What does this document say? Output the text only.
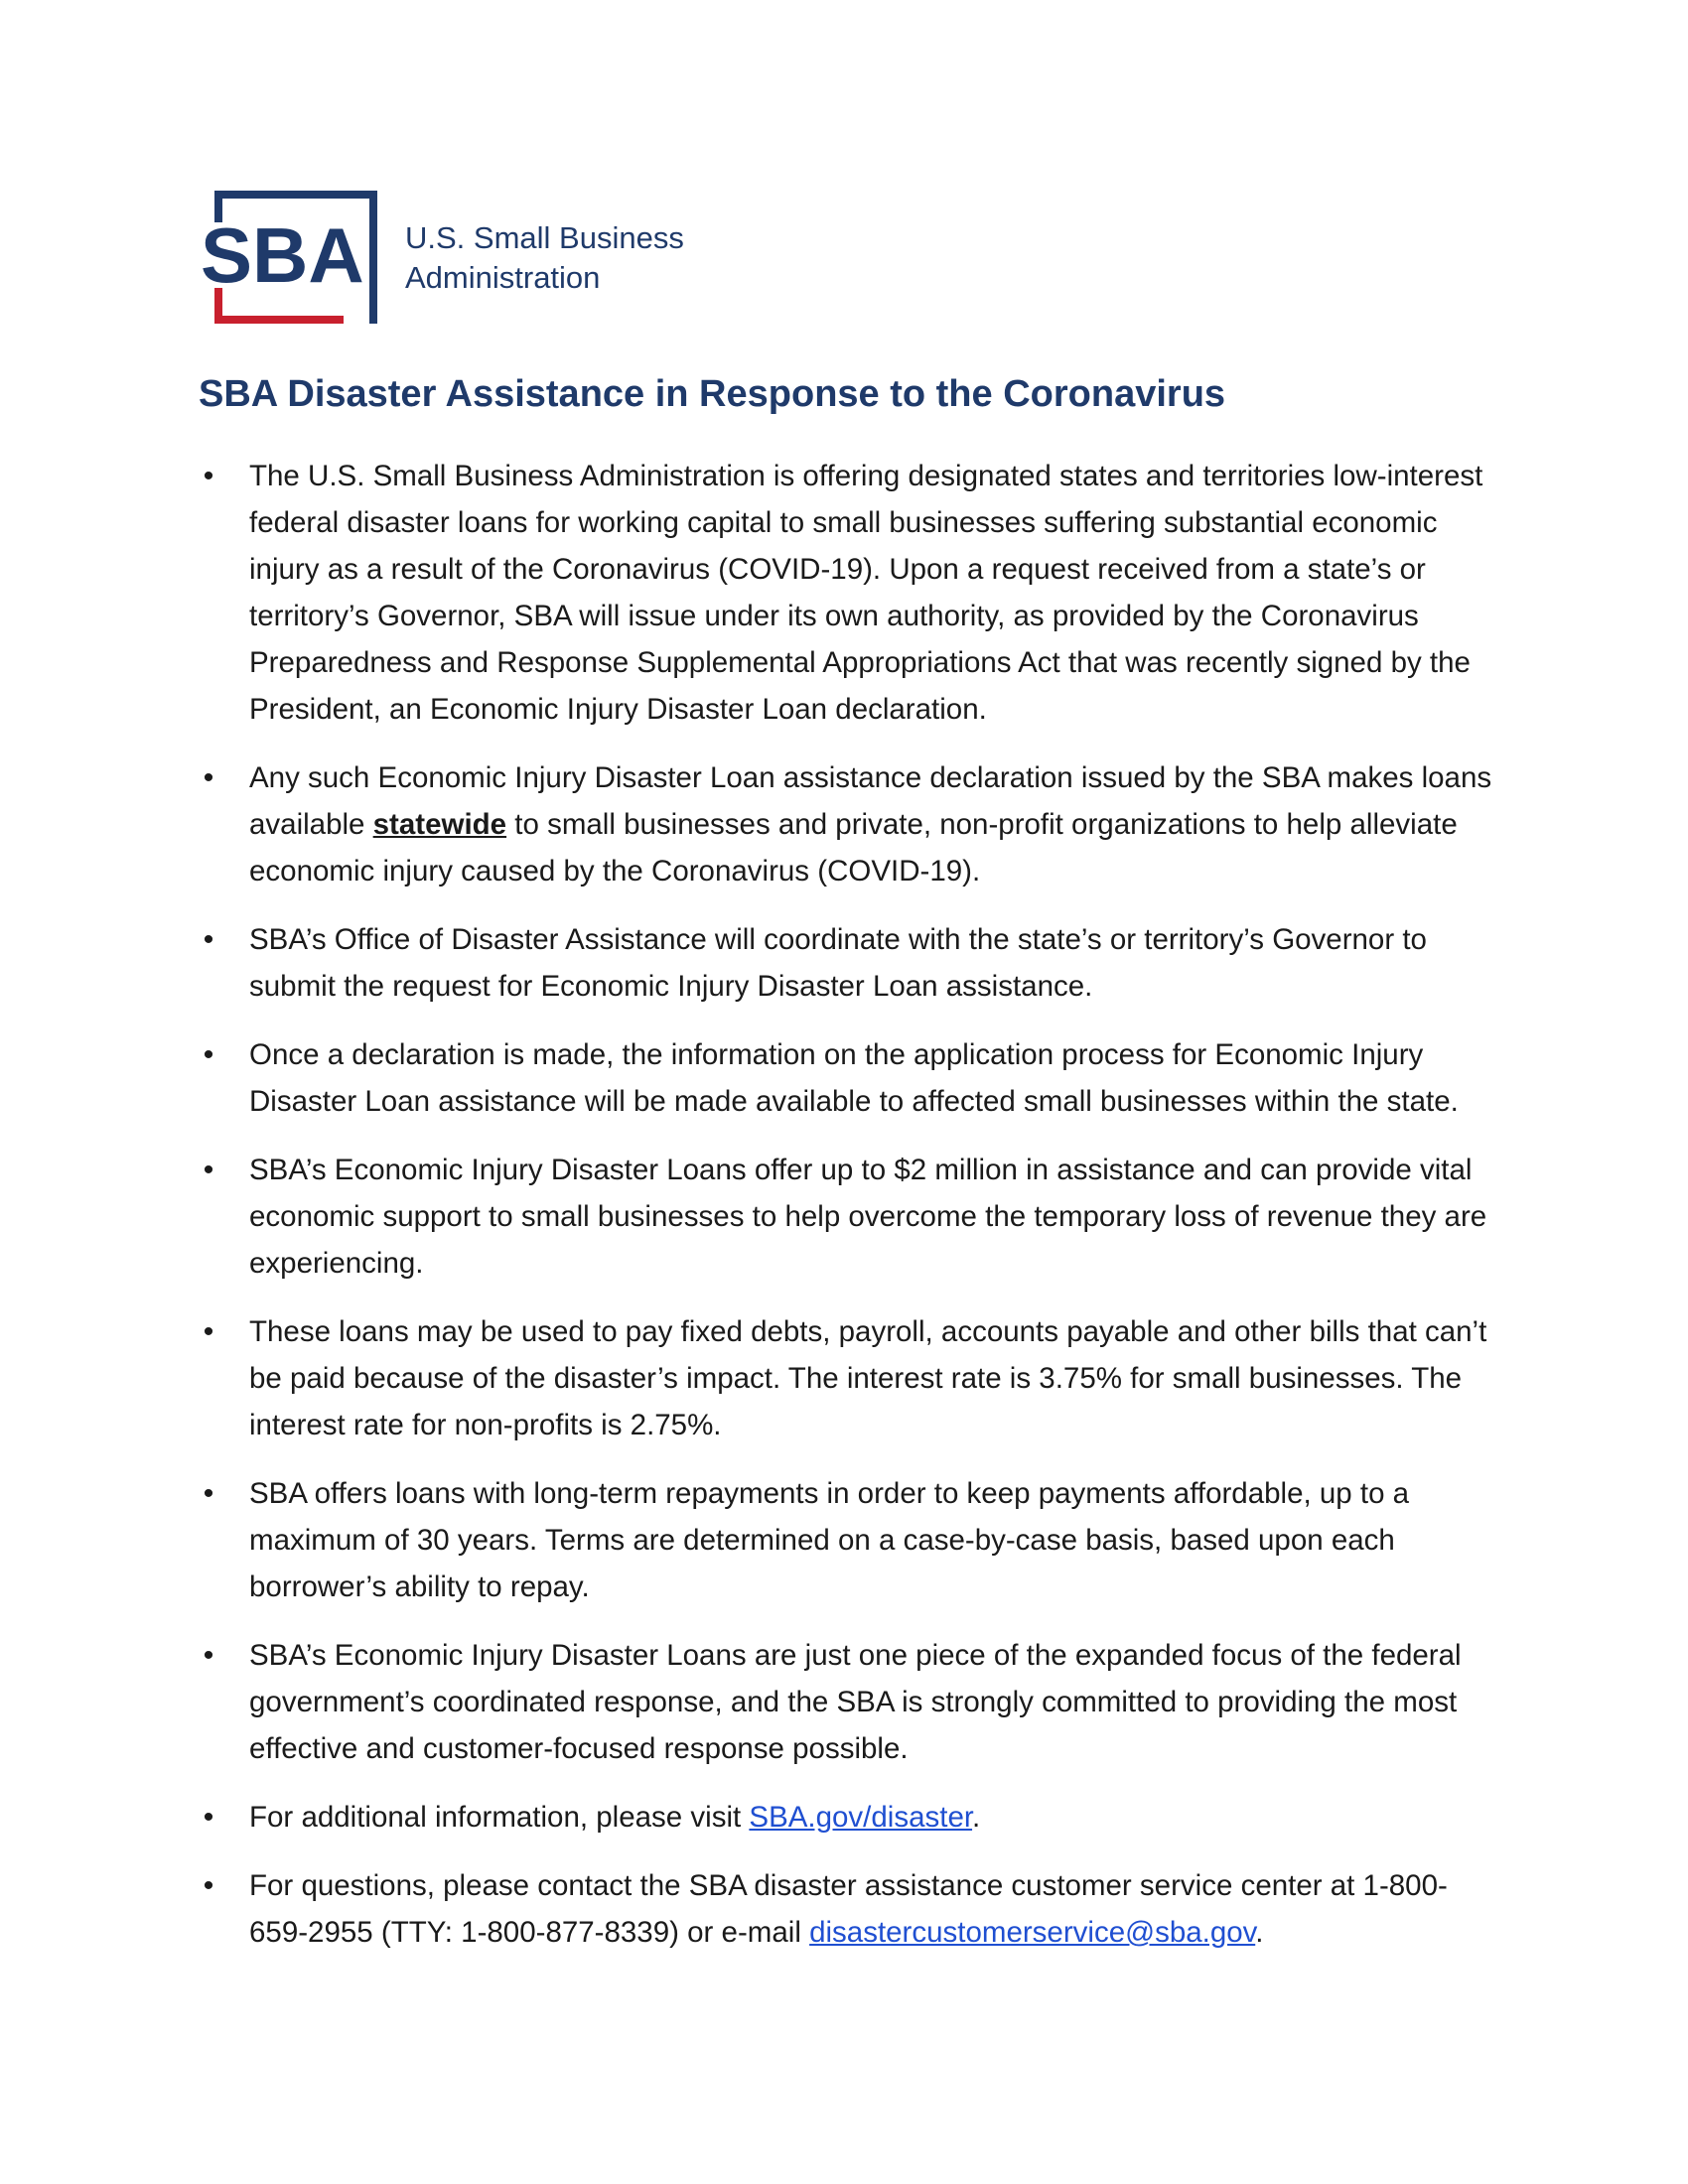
SBA U.S. Small Business
Administration
SBA Disaster Assistance in Response to the Coronavirus
• The U.S. Small Business Administration is offering designated states and territories low-interest federal disaster loans for working capital to small businesses suffering substantial economic injury as a result of the Coronavirus (COVID-19). Upon a request received from a state’s or territory’s Governor, SBA will issue under its own authority, as provided by the Coronavirus Preparedness and Response Supplemental Appropriations Act that was recently signed by the President, an Economic Injury Disaster Loan declaration.
• Any such Economic Injury Disaster Loan assistance declaration issued by the SBA makes loans available statewide to small businesses and private, non-profit organizations to help alleviate economic injury caused by the Coronavirus (COVID-19).
• SBA’s Office of Disaster Assistance will coordinate with the state’s or territory’s Governor to submit the request for Economic Injury Disaster Loan assistance.
• Once a declaration is made, the information on the application process for Economic Injury Disaster Loan assistance will be made available to affected small businesses within the state.
• SBA’s Economic Injury Disaster Loans offer up to $2 million in assistance and can provide vital economic support to small businesses to help overcome the temporary loss of revenue they are experiencing.
• These loans may be used to pay fixed debts, payroll, accounts payable and other bills that can’t be paid because of the disaster’s impact. The interest rate is 3.75% for small businesses. The interest rate for non-profits is 2.75%.
• SBA offers loans with long-term repayments in order to keep payments affordable, up to a maximum of 30 years. Terms are determined on a case-by-case basis, based upon each borrower’s ability to repay.
• SBA’s Economic Injury Disaster Loans are just one piece of the expanded focus of the federal government’s coordinated response, and the SBA is strongly committed to providing the most effective and customer-focused response possible.
• For additional information, please visit SBA.gov/disaster.
• For questions, please contact the SBA disaster assistance customer service center at 1-800-659-2955 (TTY: 1-800-877-8339) or e-mail disastercustomerservice@sba.gov.
